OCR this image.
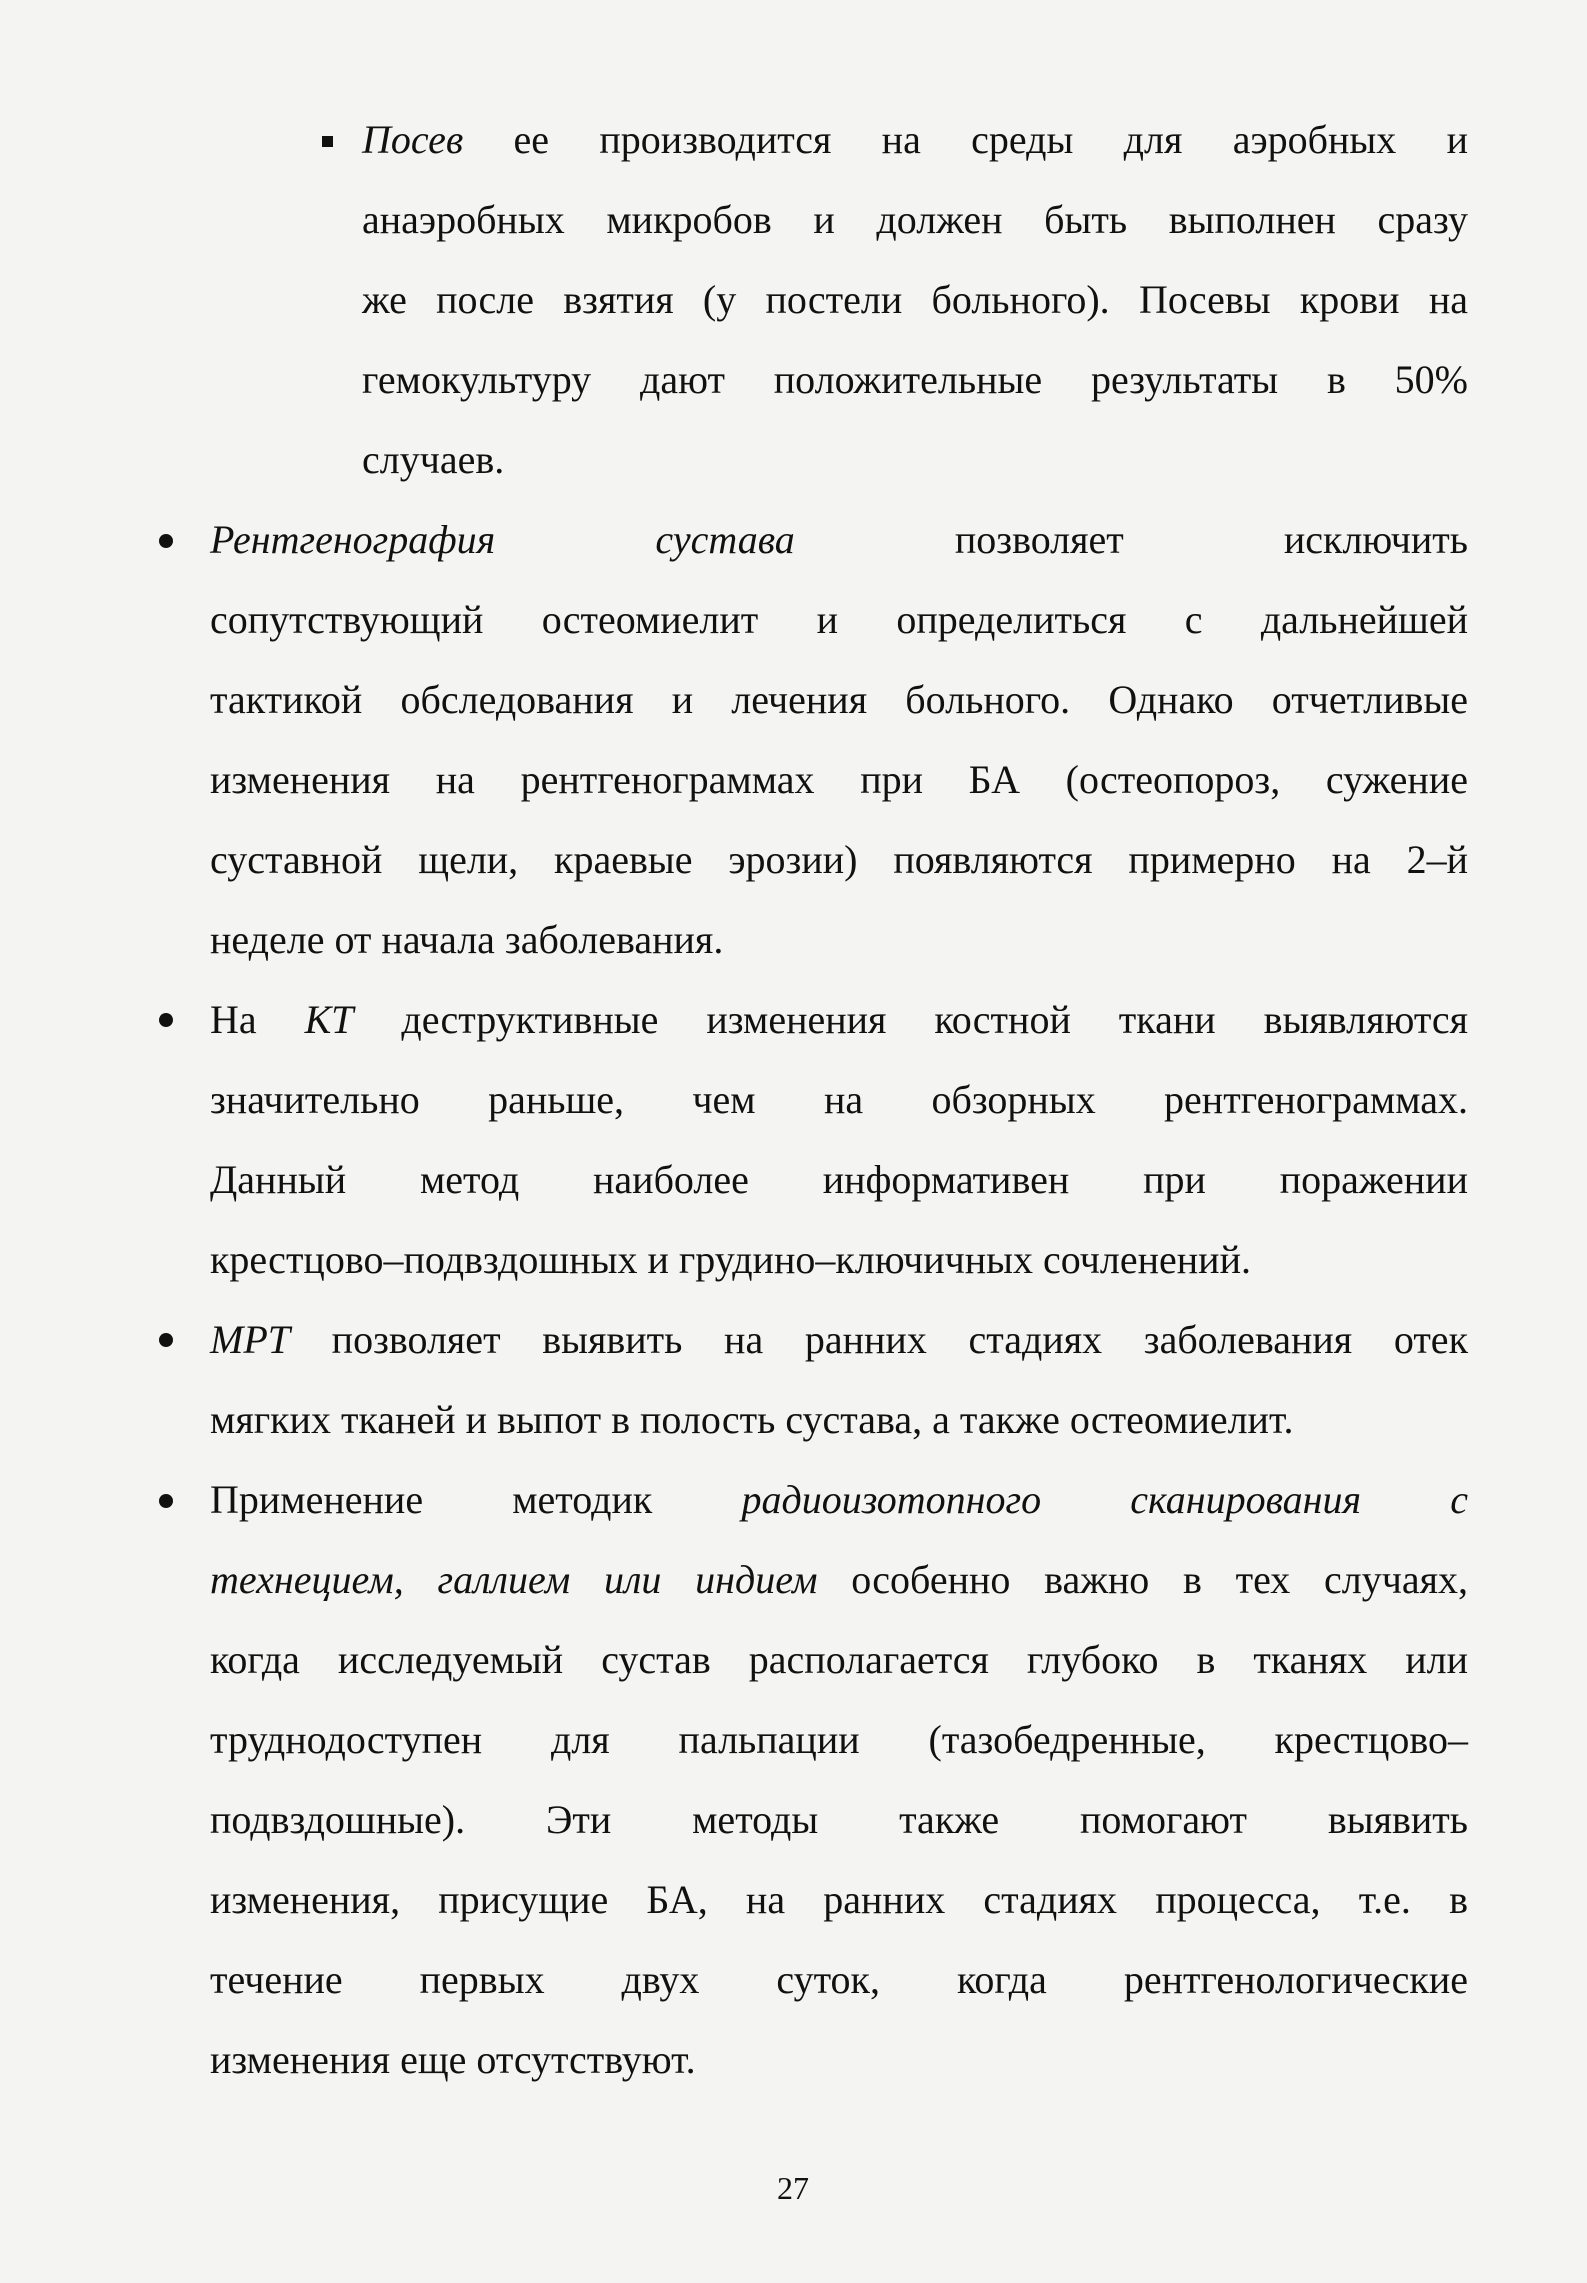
Посев ее производится на среды для аэробных и
анаэробных микробов и должен быть выполнен сразу
же после взятия (у постели больного). Посевы крови на
гемокультуру дают положительные результаты в 50%
случаев.
Рентгенография сустава позволяет исключить
сопутствующий остеомиелит и определиться с дальнейшей
тактикой обследования и лечения больного. Однако отчетливые
изменения на рентгенограммах при БА (остеопороз, сужение
суставной щели, краевые эрозии) появляются примерно на 2–й
неделе от начала заболевания.
На КТ деструктивные изменения костной ткани выявляются
значительно раньше, чем на обзорных рентгенограммах.
Данный метод наиболее информативен при поражении
крестцово–подвздошных и грудино–ключичных сочленений.
МРТ позволяет выявить на ранних стадиях заболевания отек
мягких тканей и выпот в полость сустава, а также остеомиелит.
Применение методик радиоизотопного сканирования с
технецием, галлием или индием особенно важно в тех случаях,
когда исследуемый сустав располагается глубоко в тканях или
труднодоступен для пальпации (тазобедренные, крестцово–
подвздошные). Эти методы также помогают выявить
изменения, присущие БА, на ранних стадиях процесса, т.е. в
течение первых двух суток, когда рентгенологические
изменения еще отсутствуют.
27
